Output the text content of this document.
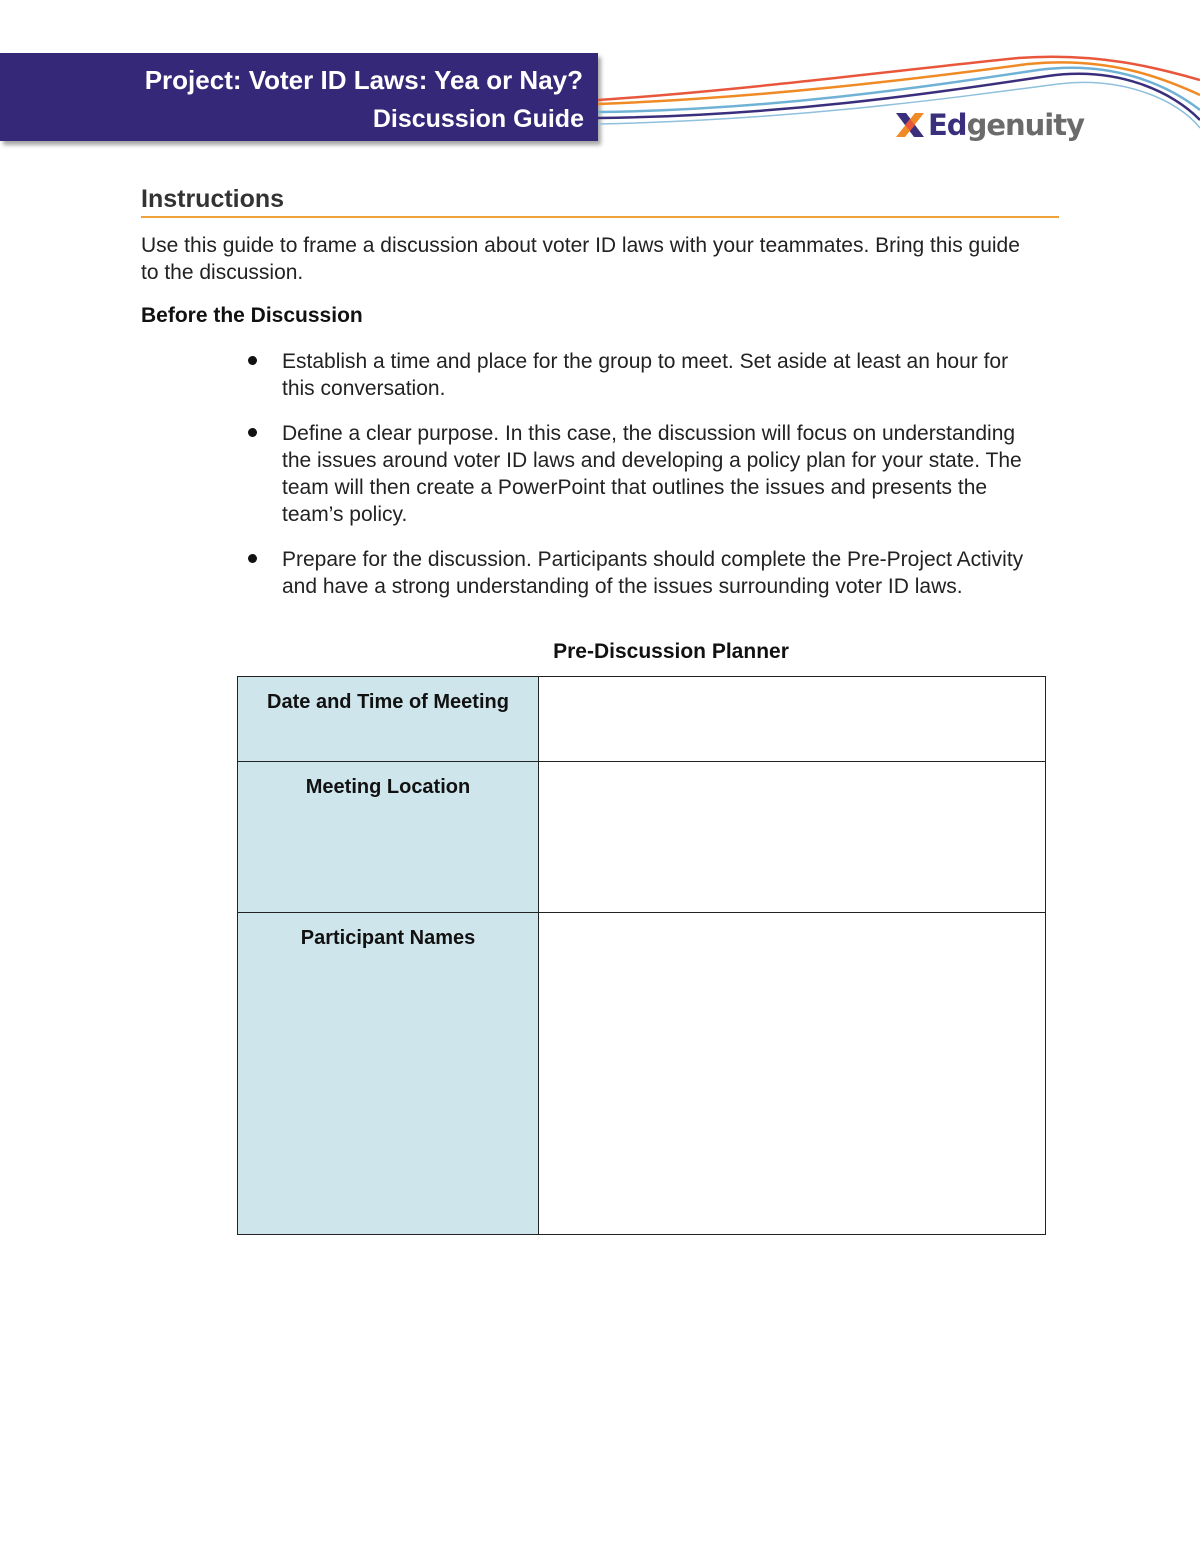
Project: Voter ID Laws: Yea or Nay?
Discussion Guide	Edgenuity
Instructions
Use this guide to frame a discussion about voter ID laws with your teammates. Bring this guide to the discussion.
Before the Discussion
Establish a time and place for the group to meet. Set aside at least an hour for this conversation.
Define a clear purpose. In this case, the discussion will focus on understanding the issues around voter ID laws and developing a policy plan for your state. The team will then create a PowerPoint that outlines the issues and presents the team’s policy.
Prepare for the discussion. Participants should complete the Pre-Project Activity and have a strong understanding of the issues surrounding voter ID laws.
Pre-Discussion Planner
Date and Time of Meeting	
Meeting Location	
Participant Names	
